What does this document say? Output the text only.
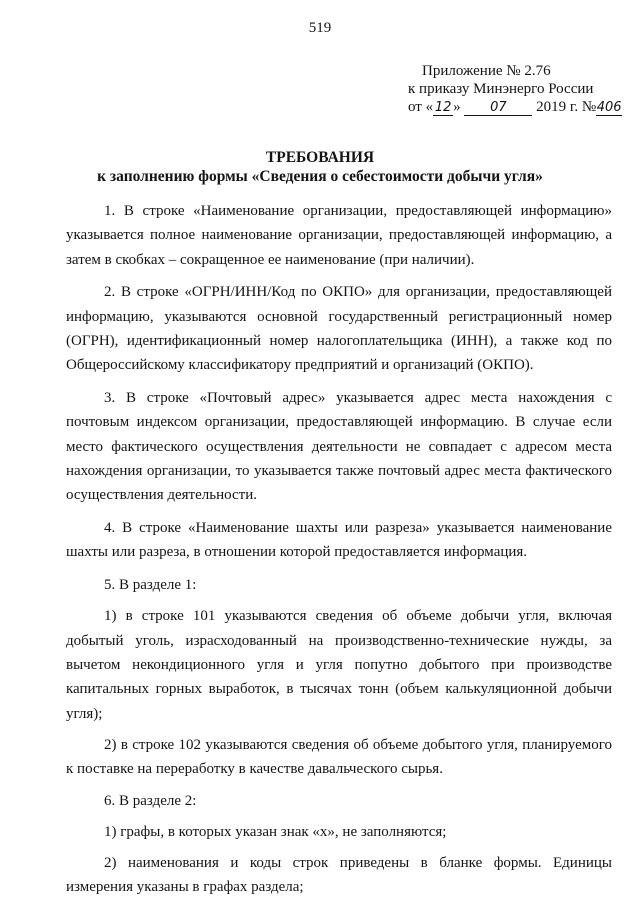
519
Приложение № 2.76
к приказу Минэнерго России
от « 12 » 07 2019 г. №406
ТРЕБОВАНИЯ
к заполнению формы «Сведения о себестоимости добычи угля»

1. В строке «Наименование организации, предоставляющей информацию» указывается полное наименование организации, предоставляющей информацию, а затем в скобках – сокращенное ее наименование (при наличии).

2. В строке «ОГРН/ИНН/Код по ОКПО» для организации, предоставляющей информацию, указываются основной государственный регистрационный номер (ОГРН), идентификационный номер налогоплательщика (ИНН), а также код по Общероссийскому классификатору предприятий и организаций (ОКПО).

3. В строке «Почтовый адрес» указывается адрес места нахождения с почтовым индексом организации, предоставляющей информацию. В случае если место фактического осуществления деятельности не совпадает с адресом места нахождения организации, то указывается также почтовый адрес места фактического осуществления деятельности.

4. В строке «Наименование шахты или разреза» указывается наименование шахты или разреза, в отношении которой предоставляется информация.

5. В разделе 1:

1) в строке 101 указываются сведения об объеме добычи угля, включая добытый уголь, израсходованный на производственно-технические нужды, за вычетом некондиционного угля и угля попутно добытого при производстве капитальных горных выработок, в тысячах тонн (объем калькуляционной добычи угля);

2) в строке 102 указываются сведения об объеме добытого угля, планируемого к поставке на переработку в качестве давальческого сырья.

6. В разделе 2:

1) графы, в которых указан знак «х», не заполняются;

2) наименования и коды строк приведены в бланке формы. Единицы измерения указаны в графах раздела;
